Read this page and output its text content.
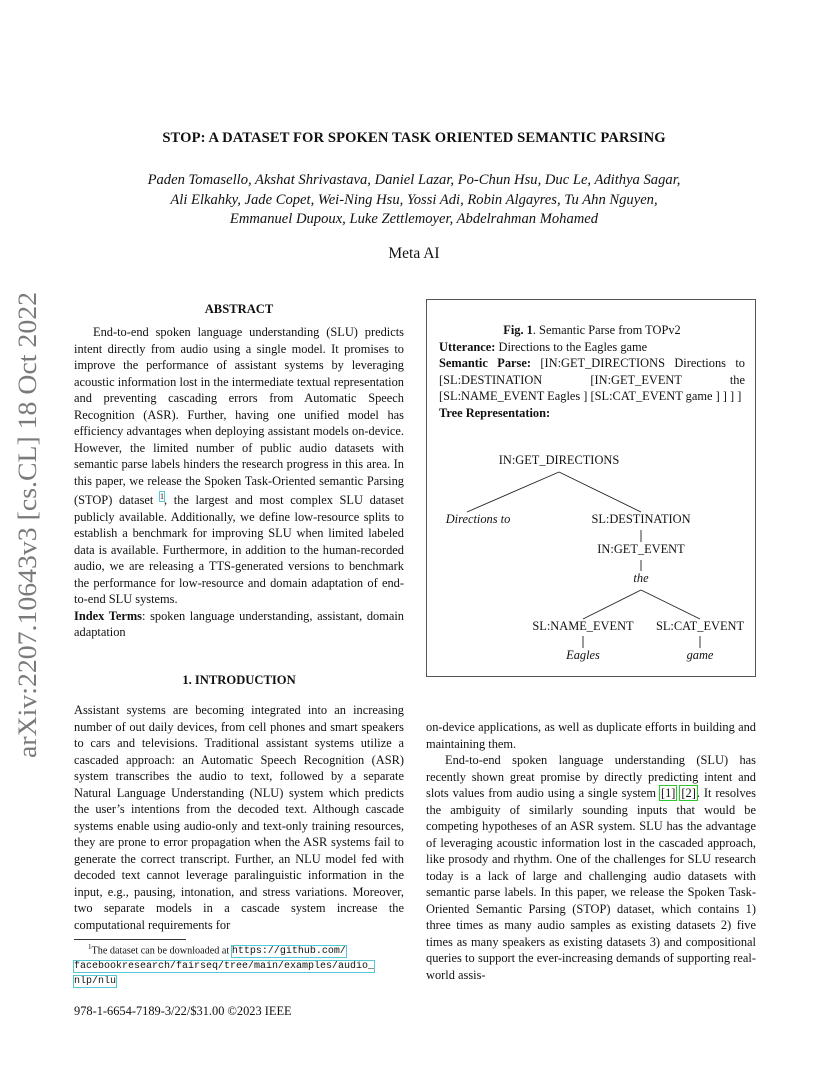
arXiv:2207.10643v3 [cs.CL] 18 Oct 2022
STOP: A DATASET FOR SPOKEN TASK ORIENTED SEMANTIC PARSING
Paden Tomasello, Akshat Shrivastava, Daniel Lazar, Po-Chun Hsu, Duc Le, Adithya Sagar,
Ali Elkahky, Jade Copet, Wei-Ning Hsu, Yossi Adi, Robin Algayres, Tu Ahn Nguyen,
Emmanuel Dupoux, Luke Zettlemoyer, Abdelrahman Mohamed
Meta AI
ABSTRACT

End-to-end spoken language understanding (SLU) predicts intent directly from audio using a single model. It promises to improve the performance of assistant systems by leveraging acoustic information lost in the intermediate textual representation and preventing cascading errors from Automatic Speech Recognition (ASR). Further, having one unified model has efficiency advantages when deploying assistant models on-device. However, the limited number of public audio datasets with semantic parse labels hinders the research progress in this area. In this paper, we release the Spoken Task-Oriented semantic Parsing (STOP) dataset $^1$, the largest and most complex SLU dataset publicly available. Additionally, we define low-resource splits to establish a benchmark for improving SLU when limited labeled data is available. Furthermore, in addition to the human-recorded audio, we are releasing a TTS-generated versions to benchmark the performance for low-resource and domain adaptation of end-to-end SLU systems.

Index Terms: spoken language understanding, assistant, domain adaptation

1. INTRODUCTION

Assistant systems are becoming integrated into an increasing number of out daily devices, from cell phones and smart speakers to cars and televisions. Traditional assistant systems utilize a cascaded approach: an Automatic Speech Recognition (ASR) system transcribes the audio to text, followed by a separate Natural Language Understanding (NLU) system which predicts the user’s intentions from the decoded text. Although cascade systems enable using audio-only and text-only training resources, they are prone to error propagation when the ASR systems fail to generate the correct transcript. Further, an NLU model fed with decoded text cannot leverage paralinguistic information in the input, e.g., pausing, intonation, and stress variations. Moreover, two separate models in a cascade system increase the computational requirements for

Fig. 1. Semantic Parse from TOPv2
Utterance: Directions to the Eagles game
Semantic Parse: [IN:GET_DIRECTIONS Directions to [SL:DESTINATION [IN:GET_EVENT the [SL:NAME_EVENT Eagles ] [SL:CAT_EVENT game ] ] ] ]
Tree Representation:
IN:GET_DIRECTIONS
Directions to	SL:DESTINATION
IN:GET_EVENT
the
SL:NAME_EVENT SL:CAT_EVENT
Eagles	game

on-device applications, as well as duplicate efforts in building and maintaining them.

End-to-end spoken language understanding (SLU) has recently shown great promise by directly predicting intent and slots values from audio using a single system [1] [2]. It resolves the ambiguity of similarly sounding inputs that would be competing hypotheses of an ASR system. SLU has the advantage of leveraging acoustic information lost in the cascaded approach, like prosody and rhythm. One of the challenges for SLU research today is a lack of large and challenging audio datasets with semantic parse labels. In this paper, we release the Spoken Task-Oriented Semantic Parsing (STOP) dataset, which contains 1) three times as many audio samples as existing datasets 2) five times as many speakers as existing datasets 3) and compositional queries to support the ever-increasing demands of supporting real-world assis-

$^1$The dataset can be downloaded at https://github.com/
facebookresearch/fairseq/tree/main/examples/audio_
nlp/nlu
978-1-6654-7189-3/22/$31.00 ©2023 IEEE
